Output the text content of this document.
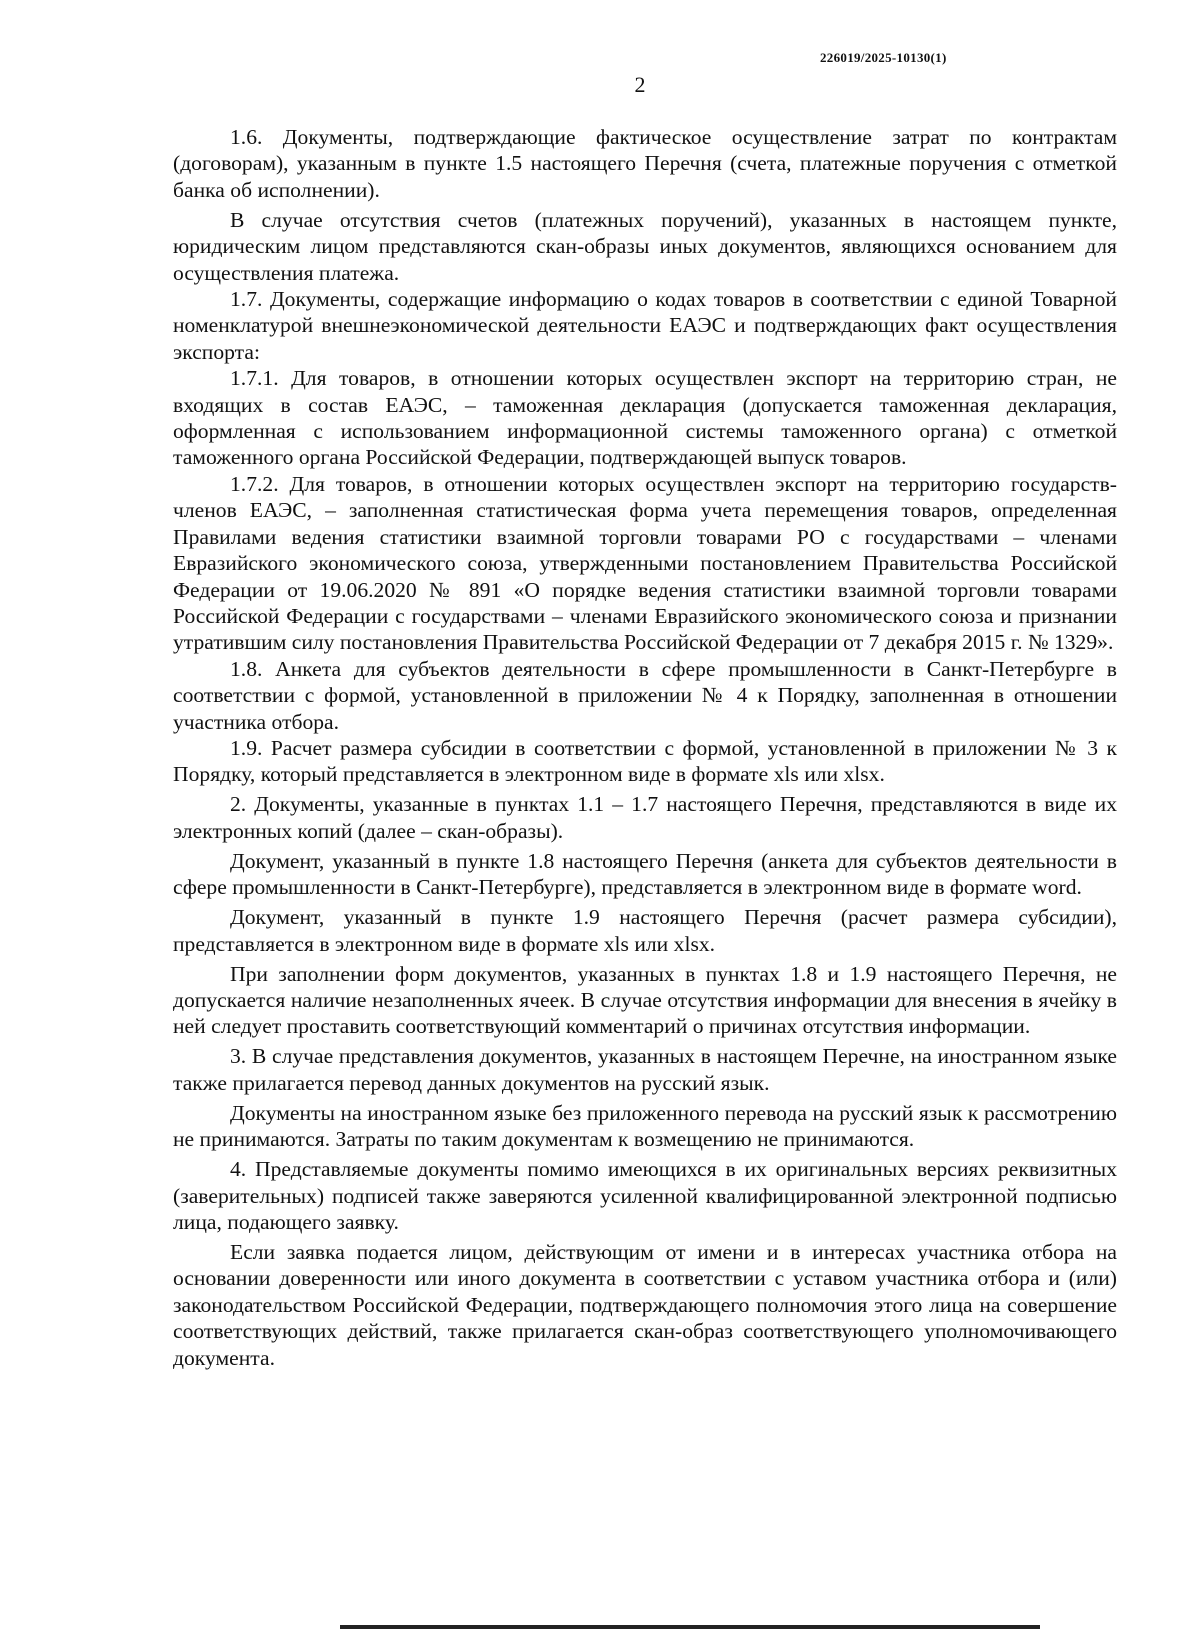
226019/2025-10130(1)
2

1.6. Документы, подтверждающие фактическое осуществление затрат по контрактам (договорам), указанным в пункте 1.5 настоящего Перечня (счета, платежные поручения с отметкой банка об исполнении).

В случае отсутствия счетов (платежных поручений), указанных в настоящем пункте, юридическим лицом представляются скан-образы иных документов, являющихся основанием для осуществления платежа.

1.7. Документы, содержащие информацию о кодах товаров в соответствии с единой Товарной номенклатурой внешнеэкономической деятельности ЕАЭС и подтверждающих факт осуществления экспорта:

1.7.1. Для товаров, в отношении которых осуществлен экспорт на территорию стран, не входящих в состав ЕАЭС, – таможенная декларация (допускается таможенная декларация, оформленная с использованием информационной системы таможенного органа) с отметкой таможенного органа Российской Федерации, подтверждающей выпуск товаров.

1.7.2. Для товаров, в отношении которых осуществлен экспорт на территорию государств-членов ЕАЭС, – заполненная статистическая форма учета перемещения товаров, определенная Правилами ведения статистики взаимной торговли товарами РО с государствами – членами Евразийского экономического союза, утвержденными постановлением Правительства Российской Федерации от 19.06.2020 № 891 «О порядке ведения статистики взаимной торговли товарами Российской Федерации с государствами – членами Евразийского экономического союза и признании утратившим силу постановления Правительства Российской Федерации от 7 декабря 2015 г. № 1329».

1.8. Анкета для субъектов деятельности в сфере промышленности в Санкт-Петербурге в соответствии с формой, установленной в приложении № 4 к Порядку, заполненная в отношении участника отбора.

1.9. Расчет размера субсидии в соответствии с формой, установленной в приложении № 3 к Порядку, который представляется в электронном виде в формате xls или xlsx.

2. Документы, указанные в пунктах 1.1 – 1.7 настоящего Перечня, представляются в виде их электронных копий (далее – скан-образы).

Документ, указанный в пункте 1.8 настоящего Перечня (анкета для субъектов деятельности в сфере промышленности в Санкт-Петербурге), представляется в электронном виде в формате word.

Документ, указанный в пункте 1.9 настоящего Перечня (расчет размера субсидии), представляется в электронном виде в формате xls или xlsx.

При заполнении форм документов, указанных в пунктах 1.8 и 1.9 настоящего Перечня, не допускается наличие незаполненных ячеек. В случае отсутствия информации для внесения в ячейку в ней следует проставить соответствующий комментарий о причинах отсутствия информации.

3. В случае представления документов, указанных в настоящем Перечне, на иностранном языке также прилагается перевод данных документов на русский язык.

Документы на иностранном языке без приложенного перевода на русский язык к рассмотрению не принимаются. Затраты по таким документам к возмещению не принимаются.

4. Представляемые документы помимо имеющихся в их оригинальных версиях реквизитных (заверительных) подписей также заверяются усиленной квалифицированной электронной подписью лица, подающего заявку.

Если заявка подается лицом, действующим от имени и в интересах участника отбора на основании доверенности или иного документа в соответствии с уставом участника отбора и (или) законодательством Российской Федерации, подтверждающего полномочия этого лица на совершение соответствующих действий, также прилагается скан-образ соответствующего уполномочивающего документа.
